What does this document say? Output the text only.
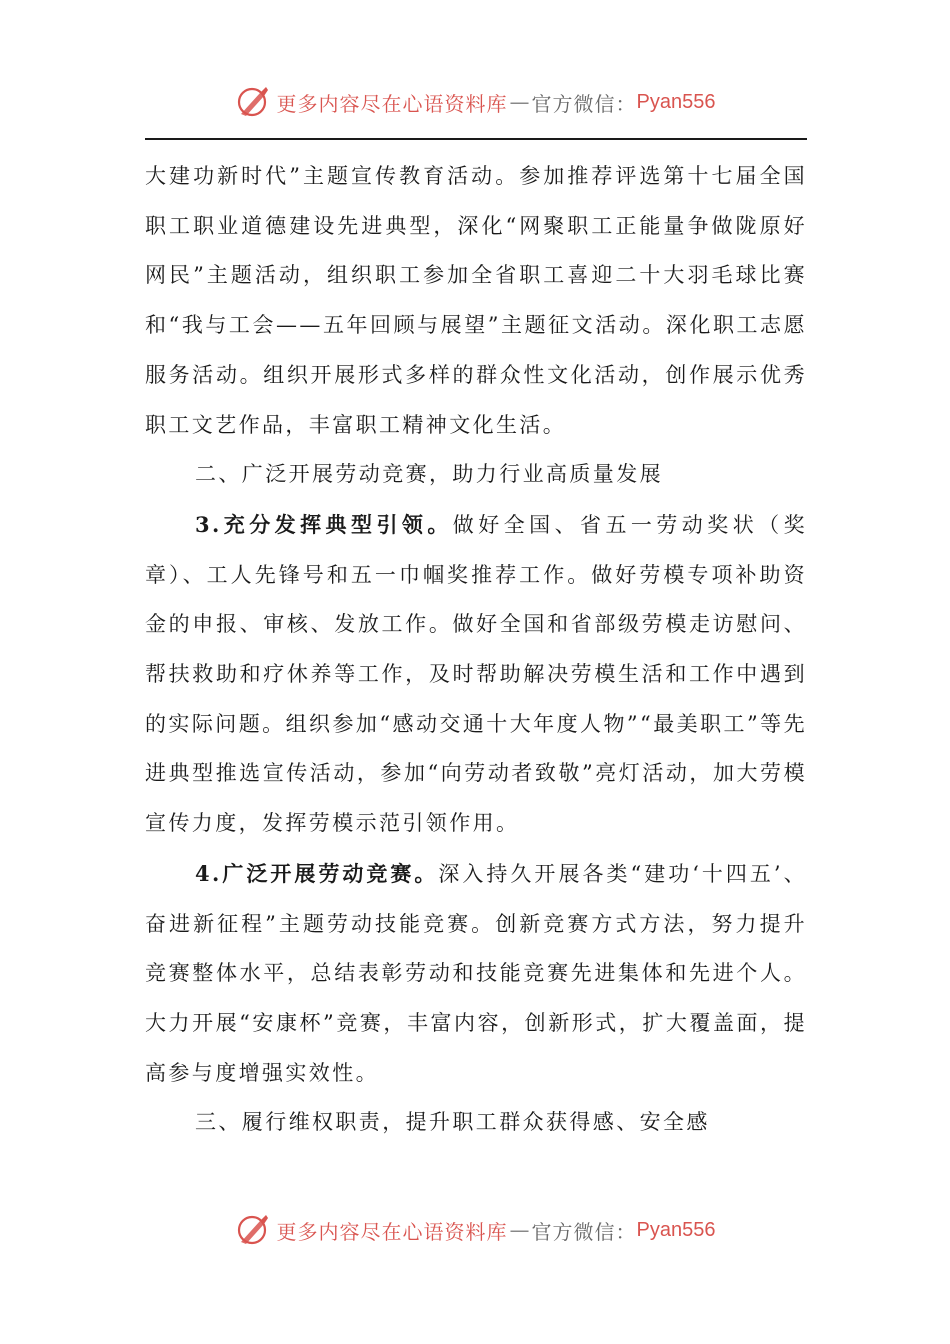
更多内容尽在心语资料库 — 官方微信： Pyan556

大建功新时代”主题宣传教育活动。参加推荐评选第十七届全国职工职业道德建设先进典型，深化“网聚职工正能量争做陇原好网民”主题活动，组织职工参加全省职工喜迎二十大羽毛球比赛和“我与工会——五年回顾与展望”主题征文活动。深化职工志愿服务活动。组织开展形式多样的群众性文化活动，创作展示优秀职工文艺作品，丰富职工精神文化生活。

二、广泛开展劳动竞赛，助力行业高质量发展

3.充分发挥典型引领。做好全国、省五一劳动奖状（奖章）、工人先锋号和五一巾帼奖推荐工作。做好劳模专项补助资金的申报、审核、发放工作。做好全国和省部级劳模走访慰问、帮扶救助和疗休养等工作，及时帮助解决劳模生活和工作中遇到的实际问题。组织参加“感动交通十大年度人物”“最美职工”等先进典型推选宣传活动，参加“向劳动者致敬”亮灯活动，加大劳模宣传力度，发挥劳模示范引领作用。

4.广泛开展劳动竞赛。深入持久开展各类“建功‘十四五’、奋进新征程”主题劳动技能竞赛。创新竞赛方式方法，努力提升竞赛整体水平，总结表彰劳动和技能竞赛先进集体和先进个人。大力开展“安康杯”竞赛，丰富内容，创新形式，扩大覆盖面，提高参与度增强实效性。

三、履行维权职责，提升职工群众获得感、安全感

更多内容尽在心语资料库 — 官方微信： Pyan556
